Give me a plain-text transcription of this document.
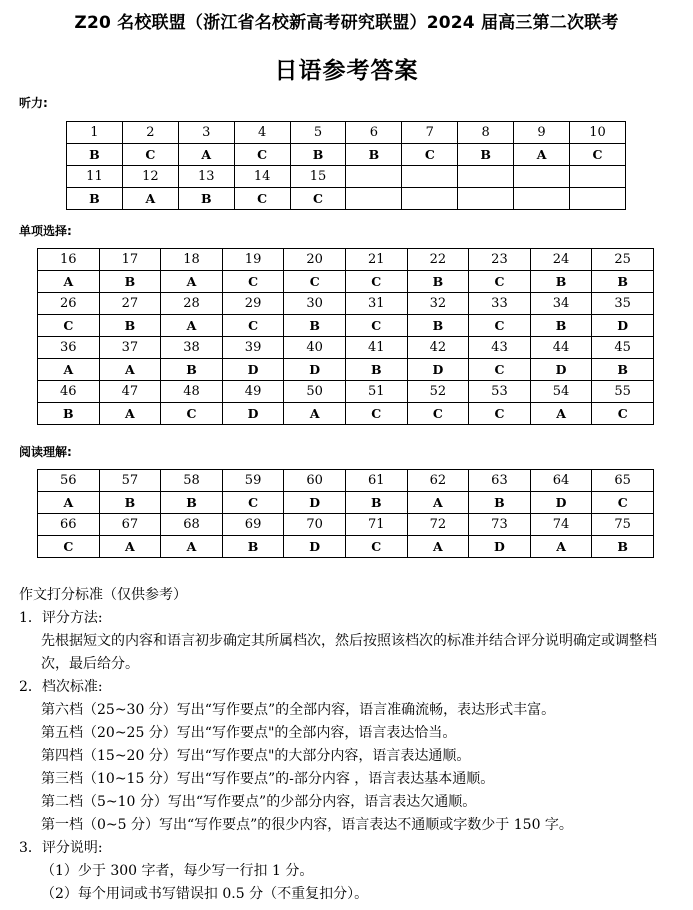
Z20 名校联盟（浙江省名校新高考研究联盟）2024 届高三第二次联考
日语参考答案
听力:
1	2	3	4	5	6	7	8	9	10
B	C	A	C	B	B	C	B	A	C
11	12	13	14	15					
B	A	B	C	C					
单项选择:
16	17	18	19	20	21	22	23	24	25
A	B	A	C	C	C	B	C	B	B
26	27	28	29	30	31	32	33	34	35
C	B	A	C	B	C	B	C	B	D
36	37	38	39	40	41	42	43	44	45
A	A	B	D	D	B	D	C	D	B
46	47	48	49	50	51	52	53	54	55
B	A	C	D	A	C	C	C	A	C
阅读理解:
56	57	58	59	60	61	62	63	64	65
A	B	B	C	D	B	A	B	D	C
66	67	68	69	70	71	72	73	74	75
C	A	A	B	D	C	A	D	A	B
作文打分标准（仅供参考）
1．评分方法:
先根据短文的内容和语言初步确定其所属档次，然后按照该档次的标准并结合评分说明确定或调整档次，最后给分。
2．档次标准:
第六档（25~30 分）写出“写作要点”的全部内容，语言准确流畅，表达形式丰富。
第五档（20~25 分）写出“写作要点"的全部内容，语言表达恰当。
第四档（15~20 分）写出“写作要点"的大部分内容，语言表达通顺。
第三档（10~15 分）写出“写作要点”的-部分内容 ，语言表达基本通顺。
第二档（5~10 分）写出“写作要点”的少部分内容，语言表达欠通顺。
第一档（0~5 分）写出“写作要点”的很少内容，语言表达不通顺或字数少于 150 字。
3．评分说明:
（1）少于 300 字者，每少写一行扣 1 分。
（2）每个用词或书写错误扣 0.5 分（不重复扣分）。
